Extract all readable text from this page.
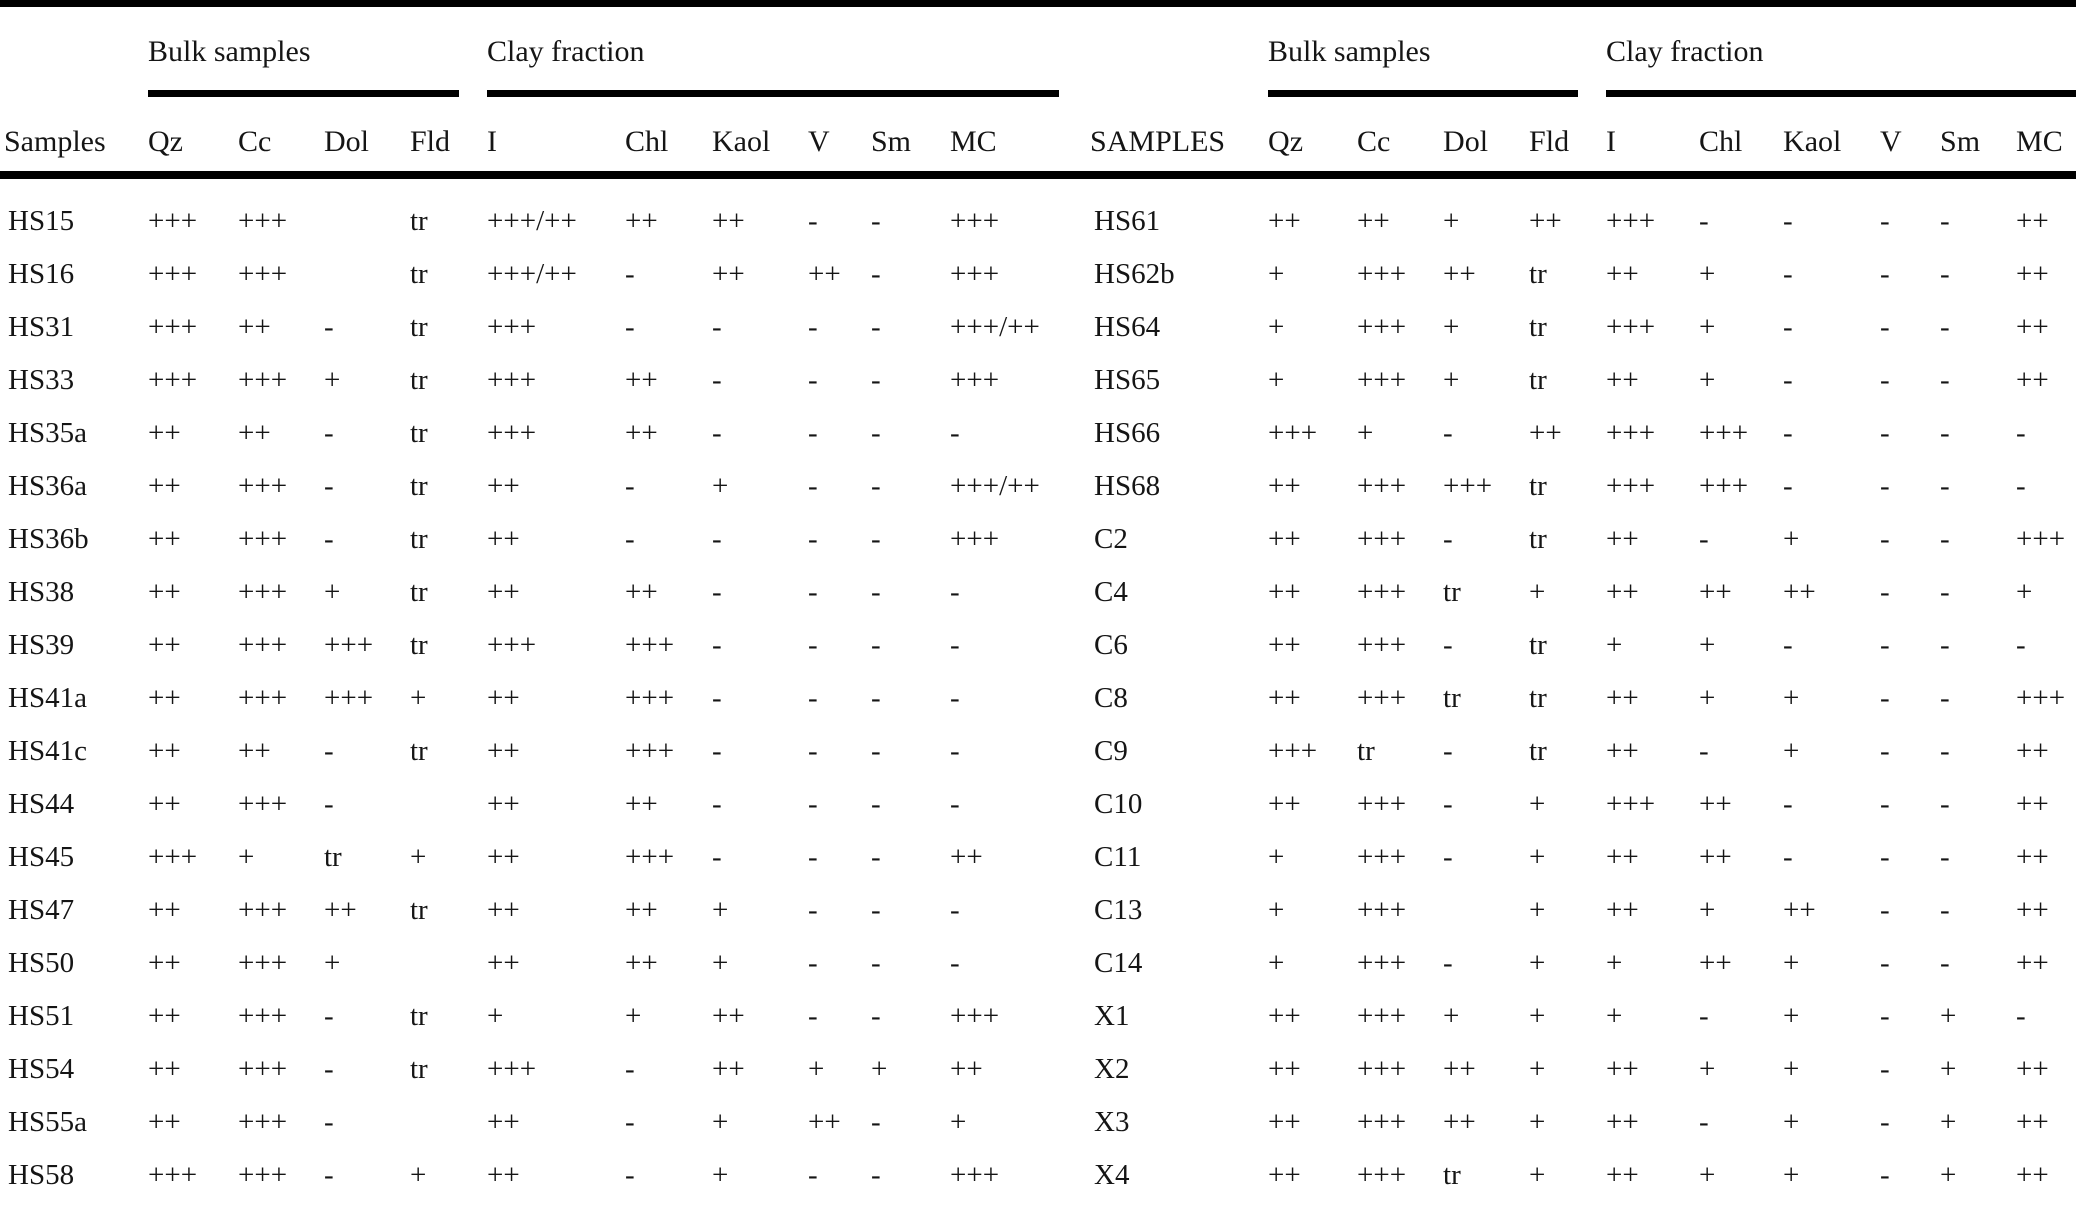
	Bulk samples				Clay fraction					
Samples	Qz	Cc	Dol	Fld	I	Chl	Kaol	V	Sm	MC
HS15	+++	+++		tr	+++/++	++	++	-	-	+++
HS16	+++	+++		tr	+++/++	-	++	++	-	+++
HS31	+++	++	-	tr	+++	-	-	-	-	+++/++
HS33	+++	+++	+	tr	+++	++	-	-	-	+++
HS35a	++	++	-	tr	+++	++	-	-	-	-
HS36a	++	+++	-	tr	++	-	+	-	-	+++/++
HS36b	++	+++	-	tr	++	-	-	-	-	+++
HS38	++	+++	+	tr	++	++	-	-	-	-
HS39	++	+++	+++	tr	+++	+++	-	-	-	-
HS41a	++	+++	+++	+	++	+++	-	-	-	-
HS41c	++	++	-	tr	++	+++	-	-	-	-
HS44	++	+++	-		++	++	-	-	-	-
HS45	+++	+	tr	+	++	+++	-	-	-	++
HS47	++	+++	++	tr	++	++	+	-	-	-
HS50	++	+++	+		++	++	+	-	-	-
HS51	++	+++	-	tr	+	+	++	-	-	+++
HS54	++	+++	-	tr	+++	-	++	+	+	++
HS55a	++	+++	-		++	-	+	++	-	+
HS58	+++	+++	-	+	++	-	+	-	-	+++
	Bulk samples				Clay fraction					
SAMPLES	Qz	Cc	Dol	Fld	I	Chl	Kaol	V	Sm	MC
HS61	++	++	+	++	+++	-	-	-	-	++
HS62b	+	+++	++	tr	++	+	-	-	-	++
HS64	+	+++	+	tr	+++	+	-	-	-	++
HS65	+	+++	+	tr	++	+	-	-	-	++
HS66	+++	+	-	++	+++	+++	-	-	-	-
HS68	++	+++	+++	tr	+++	+++	-	-	-	-
C2	++	+++	-	tr	++	-	+	-	-	+++
C4	++	+++	tr	+	++	++	++	-	-	+
C6	++	+++	-	tr	+	+	-	-	-	-
C8	++	+++	tr	tr	++	+	+	-	-	+++
C9	+++	tr	-	tr	++	-	+	-	-	++
C10	++	+++	-	+	+++	++	-	-	-	++
C11	+	+++	-	+	++	++	-	-	-	++
C13	+	+++		+	++	+	++	-	-	++
C14	+	+++	-	+	+	++	+	-	-	++
X1	++	+++	+	+	+	-	+	-	+	-
X2	++	+++	++	+	++	+	+	-	+	++
X3	++	+++	++	+	++	-	+	-	+	++
X4	++	+++	tr	+	++	+	+	-	+	++
